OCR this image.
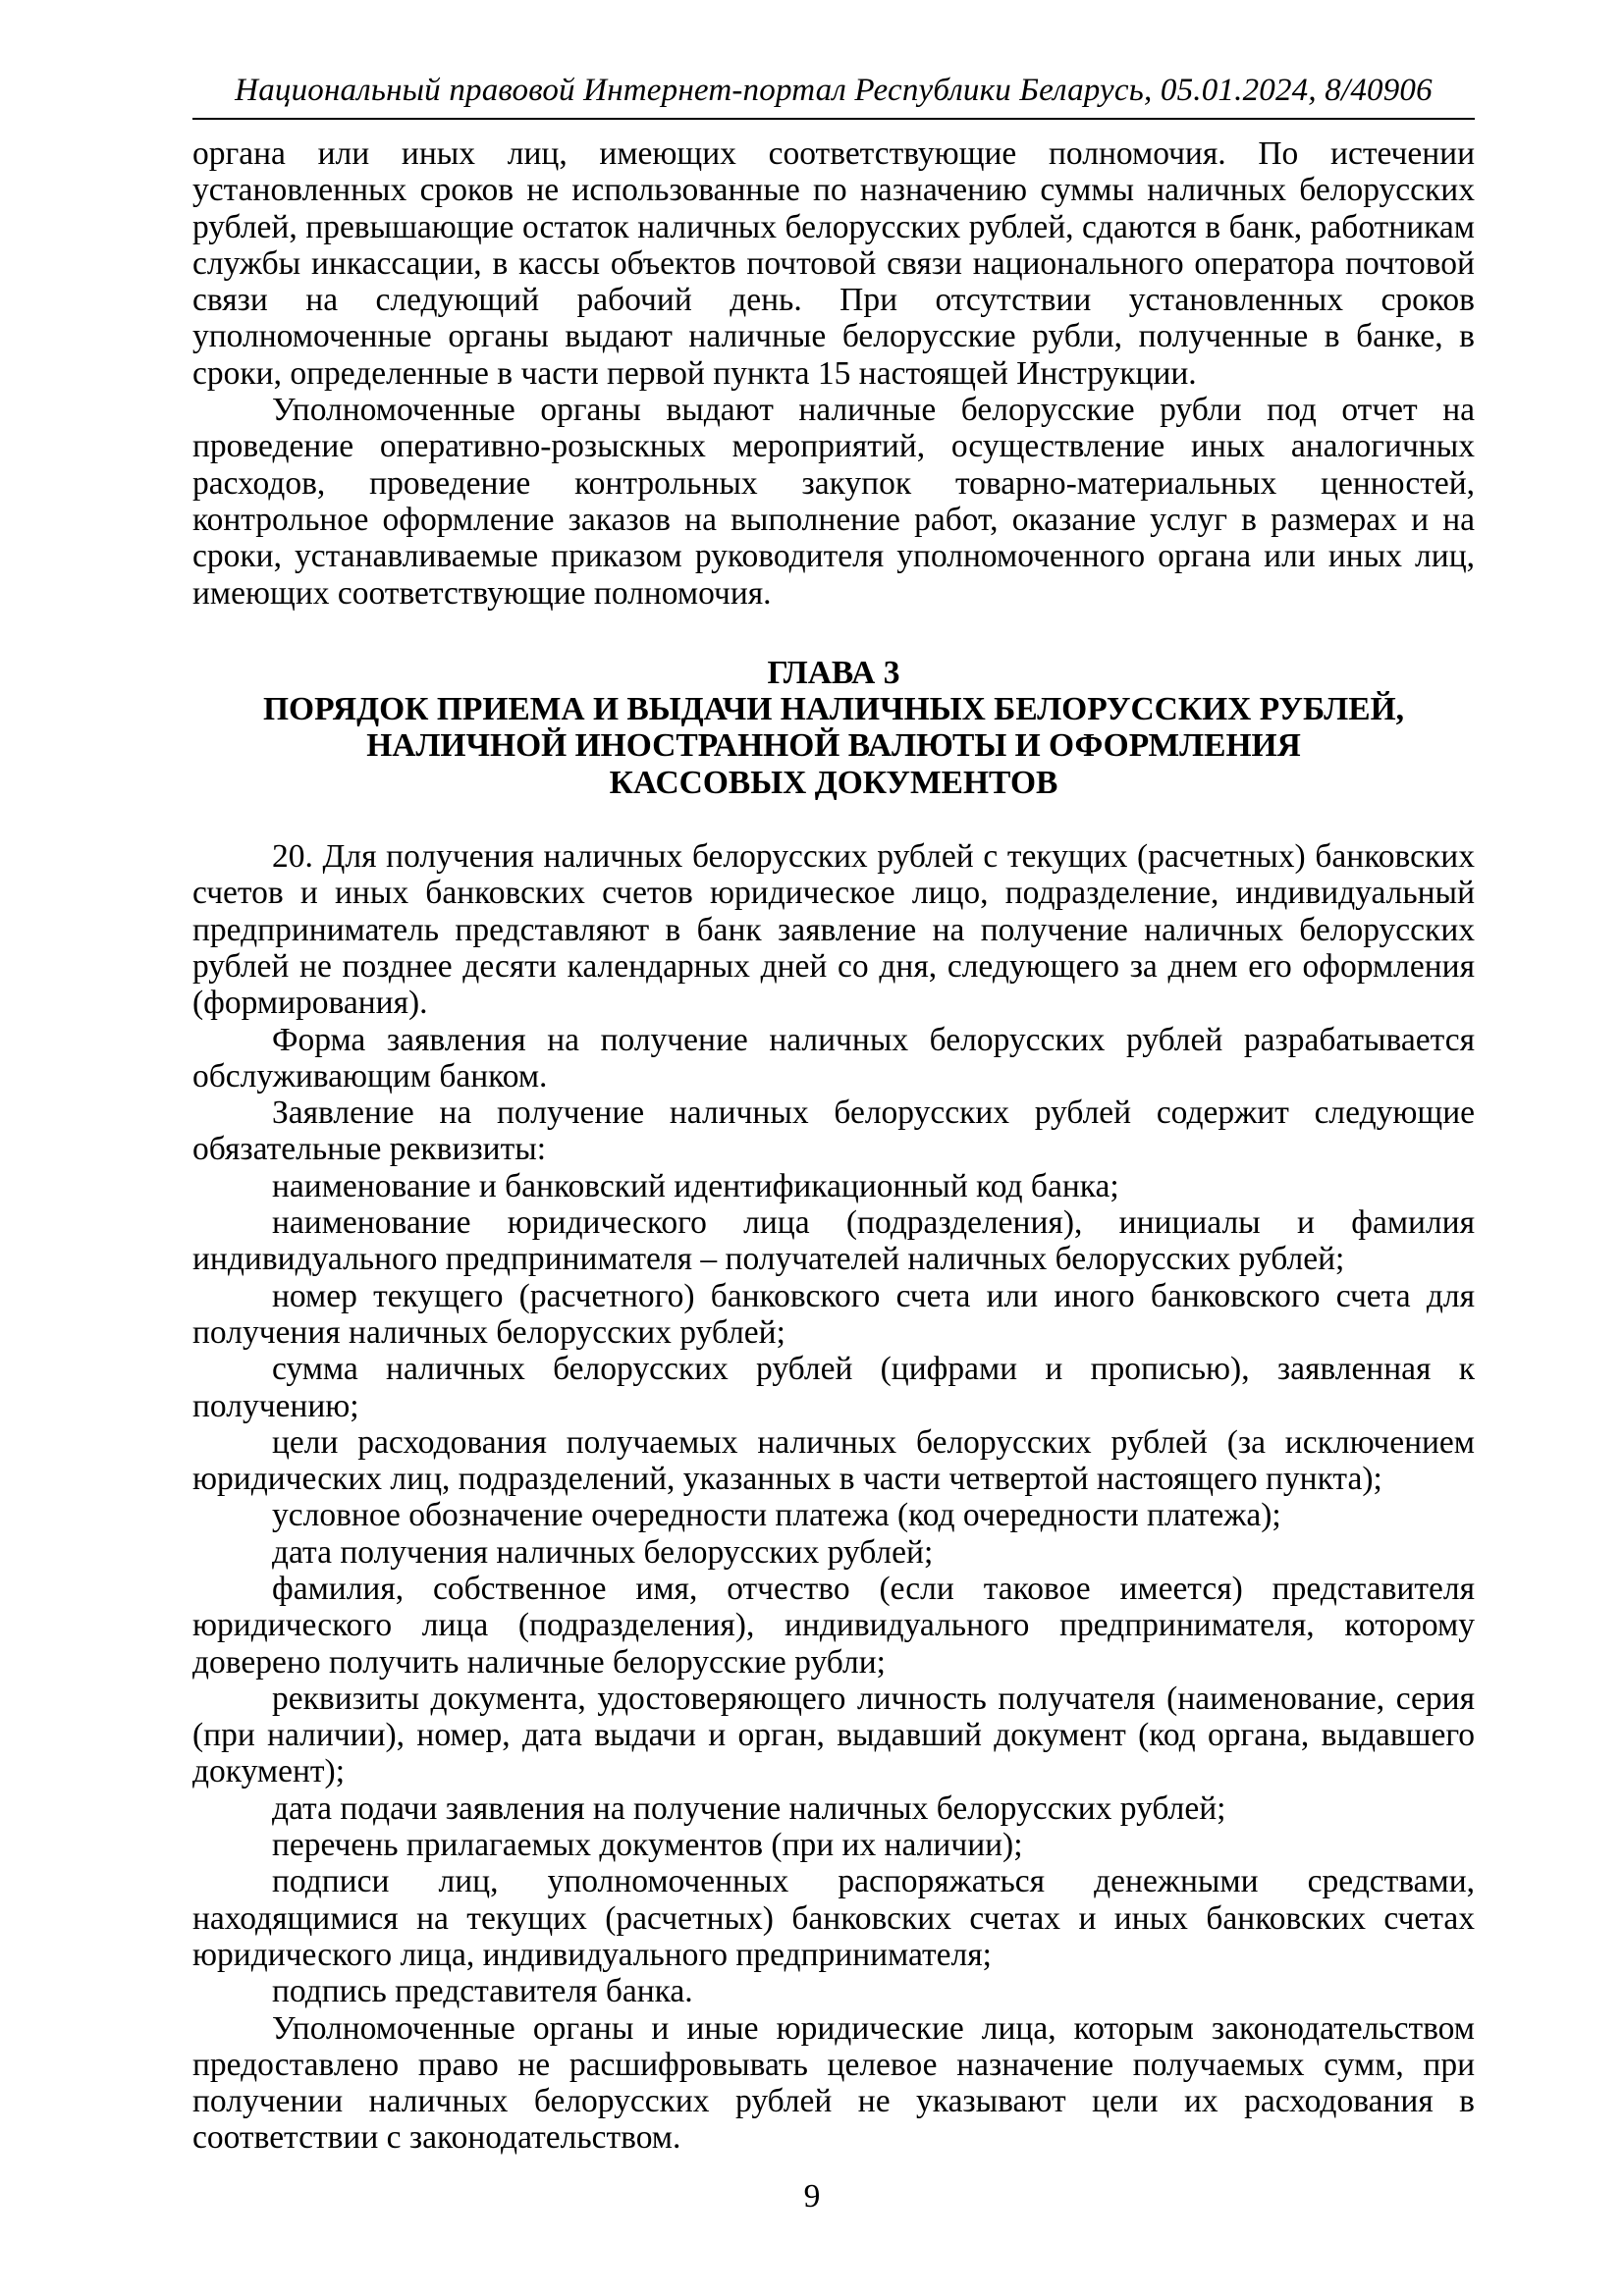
Национальный правовой Интернет-портал Республики Беларусь, 05.01.2024, 8/40906

органа или иных лиц, имеющих соответствующие полномочия. По истечении установленных сроков не использованные по назначению суммы наличных белорусских рублей, превышающие остаток наличных белорусских рублей, сдаются в банк, работникам службы инкассации, в кассы объектов почтовой связи национального оператора почтовой связи на следующий рабочий день. При отсутствии установленных сроков уполномоченные органы выдают наличные белорусские рубли, полученные в банке, в сроки, определенные в части первой пункта 15 настоящей Инструкции.

Уполномоченные органы выдают наличные белорусские рубли под отчет на проведение оперативно-розыскных мероприятий, осуществление иных аналогичных расходов, проведение контрольных закупок товарно-материальных ценностей, контрольное оформление заказов на выполнение работ, оказание услуг в размерах и на сроки, устанавливаемые приказом руководителя уполномоченного органа или иных лиц, имеющих соответствующие полномочия.

ГЛАВА 3
ПОРЯДОК ПРИЕМА И ВЫДАЧИ НАЛИЧНЫХ БЕЛОРУССКИХ РУБЛЕЙ,
НАЛИЧНОЙ ИНОСТРАННОЙ ВАЛЮТЫ И ОФОРМЛЕНИЯ
КАССОВЫХ ДОКУМЕНТОВ

20. Для получения наличных белорусских рублей с текущих (расчетных) банковских счетов и иных банковских счетов юридическое лицо, подразделение, индивидуальный предприниматель представляют в банк заявление на получение наличных белорусских рублей не позднее десяти календарных дней со дня, следующего за днем его оформления (формирования).

Форма заявления на получение наличных белорусских рублей разрабатывается обслуживающим банком.

Заявление на получение наличных белорусских рублей содержит следующие обязательные реквизиты:

наименование и банковский идентификационный код банка;

наименование юридического лица (подразделения), инициалы и фамилия индивидуального предпринимателя – получателей наличных белорусских рублей;

номер текущего (расчетного) банковского счета или иного банковского счета для получения наличных белорусских рублей;

сумма наличных белорусских рублей (цифрами и прописью), заявленная к получению;

цели расходования получаемых наличных белорусских рублей (за исключением юридических лиц, подразделений, указанных в части четвертой настоящего пункта);

условное обозначение очередности платежа (код очередности платежа);

дата получения наличных белорусских рублей;

фамилия, собственное имя, отчество (если таковое имеется) представителя юридического лица (подразделения), индивидуального предпринимателя, которому доверено получить наличные белорусские рубли;

реквизиты документа, удостоверяющего личность получателя (наименование, серия (при наличии), номер, дата выдачи и орган, выдавший документ (код органа, выдавшего документ);

дата подачи заявления на получение наличных белорусских рублей;

перечень прилагаемых документов (при их наличии);

подписи лиц, уполномоченных распоряжаться денежными средствами, находящимися на текущих (расчетных) банковских счетах и иных банковских счетах юридического лица, индивидуального предпринимателя;

подпись представителя банка.

Уполномоченные органы и иные юридические лица, которым законодательством предоставлено право не расшифровывать целевое назначение получаемых сумм, при получении наличных белорусских рублей не указывают цели их расходования в соответствии с законодательством.

9
